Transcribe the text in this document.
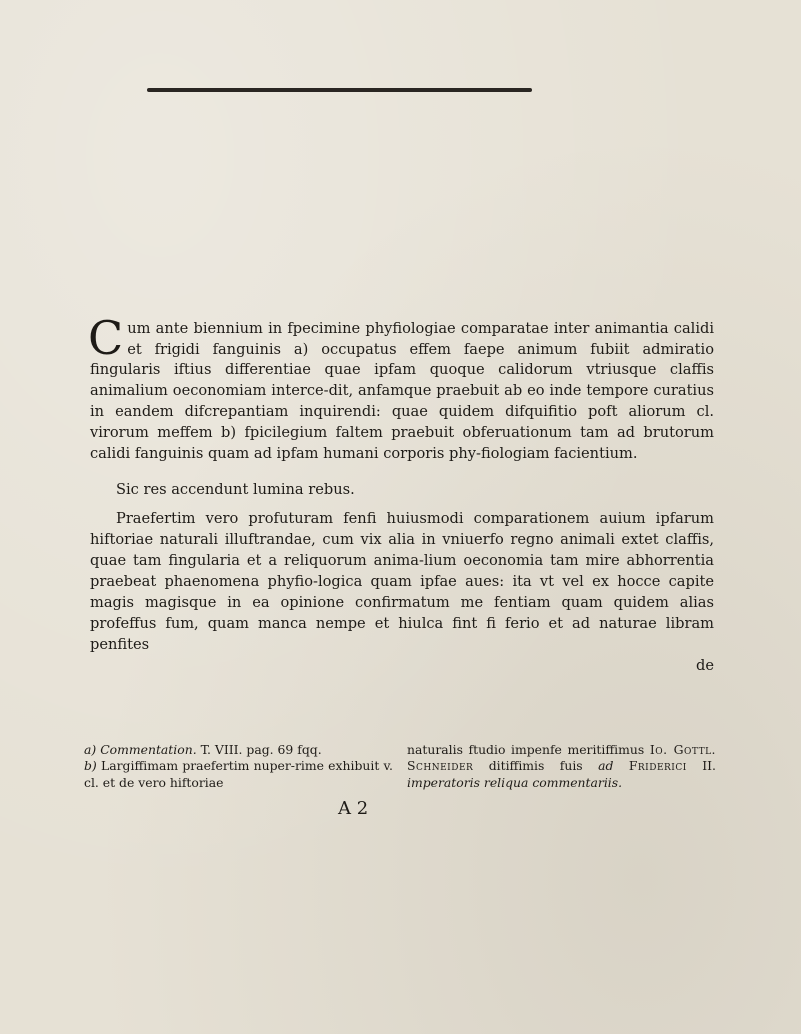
Cum ante biennium in fpecimine phyfiologiae comparatae inter animantia calidi et frigidi fanguinis a) occupatus effem faepe animum fubiit admiratio fingularis iftius differentiae quae ipfam quoque calidorum vtriusque claffis animalium oeconomiam interce-dit, anfamque praebuit ab eo inde tempore curatius in eandem difcrepantiam inquirendi: quae quidem difquifitio poft aliorum cl. virorum meffem b) fpicilegium faltem praebuit obferuationum tam ad brutorum calidi fanguinis quam ad ipfam humani corporis phy-fiologiam facientium.

Sic res accendunt lumina rebus.

Praefertim vero profuturam fenfi huiusmodi comparationem auium ipfarum hiftoriae naturali illuftrandae, cum vix alia in vniuerfo regno animali extet claffis, quae tam fingularia et a reliquorum anima-lium oeconomia tam mire abhorrentia praebeat phaenomena phyfio-logica quam ipfae aues: ita vt vel ex hocce capite magis magisque in ea opinione confirmatum me fentiam quam quidem alias profeffus fum, quam manca nempe et hiulca fint fi ferio et ad naturae libram penfites

de

a) Commentation. T. VIII. pag. 69 fqq.

b) Largiffimam praefertim nuper-rime exhibuit v. cl. et de vero hiftoriae

naturalis ftudio impenfe meritiffimus Io. Gottl. Schneider ditiffimis fuis ad Friderici II. imperatoris reliqua commentariis.

A 2
